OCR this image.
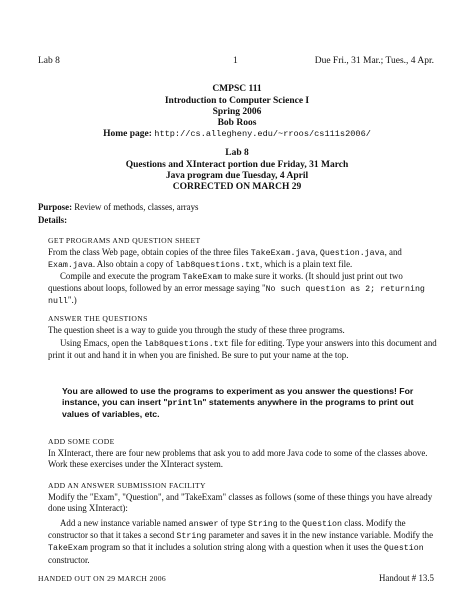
Lab 8	1	Due Fri., 31 Mar.; Tues., 4 Apr.
CMPSC 111
Introduction to Computer Science I
Spring 2006
Bob Roos
Home page: http://cs.allegheny.edu/~rroos/cs111s2006/
Lab 8
Questions and XInteract portion due Friday, 31 March
Java program due Tuesday, 4 April
CORRECTED ON MARCH 29
Purpose: Review of methods, classes, arrays
Details:
GET PROGRAMS AND QUESTION SHEET
From the class Web page, obtain copies of the three files TakeExam.java, Question.java, and Exam.java. Also obtain a copy of lab8questions.txt, which is a plain text file.
Compile and execute the program TakeExam to make sure it works. (It should just print out two questions about loops, followed by an error message saying "No such question as 2; returning null".)
ANSWER THE QUESTIONS
The question sheet is a way to guide you through the study of these three programs.
Using Emacs, open the lab8questions.txt file for editing. Type your answers into this document and print it out and hand it in when you are finished. Be sure to put your name at the top.
You are allowed to use the programs to experiment as you answer the questions! For instance, you can insert "println" statements anywhere in the programs to print out values of variables, etc.
ADD SOME CODE
In XInteract, there are four new problems that ask you to add more Java code to some of the classes above. Work these exercises under the XInteract system.
ADD AN ANSWER SUBMISSION FACILITY
Modify the "Exam", "Question", and "TakeExam" classes as follows (some of these things you have already done using XInteract):
Add a new instance variable named answer of type String to the Question class. Modify the constructor so that it takes a second String parameter and saves it in the new instance variable. Modify the TakeExam program so that it includes a solution string along with a question when it uses the Question constructor.
HANDED OUT ON 29 MARCH 2006	Handout # 13.5
